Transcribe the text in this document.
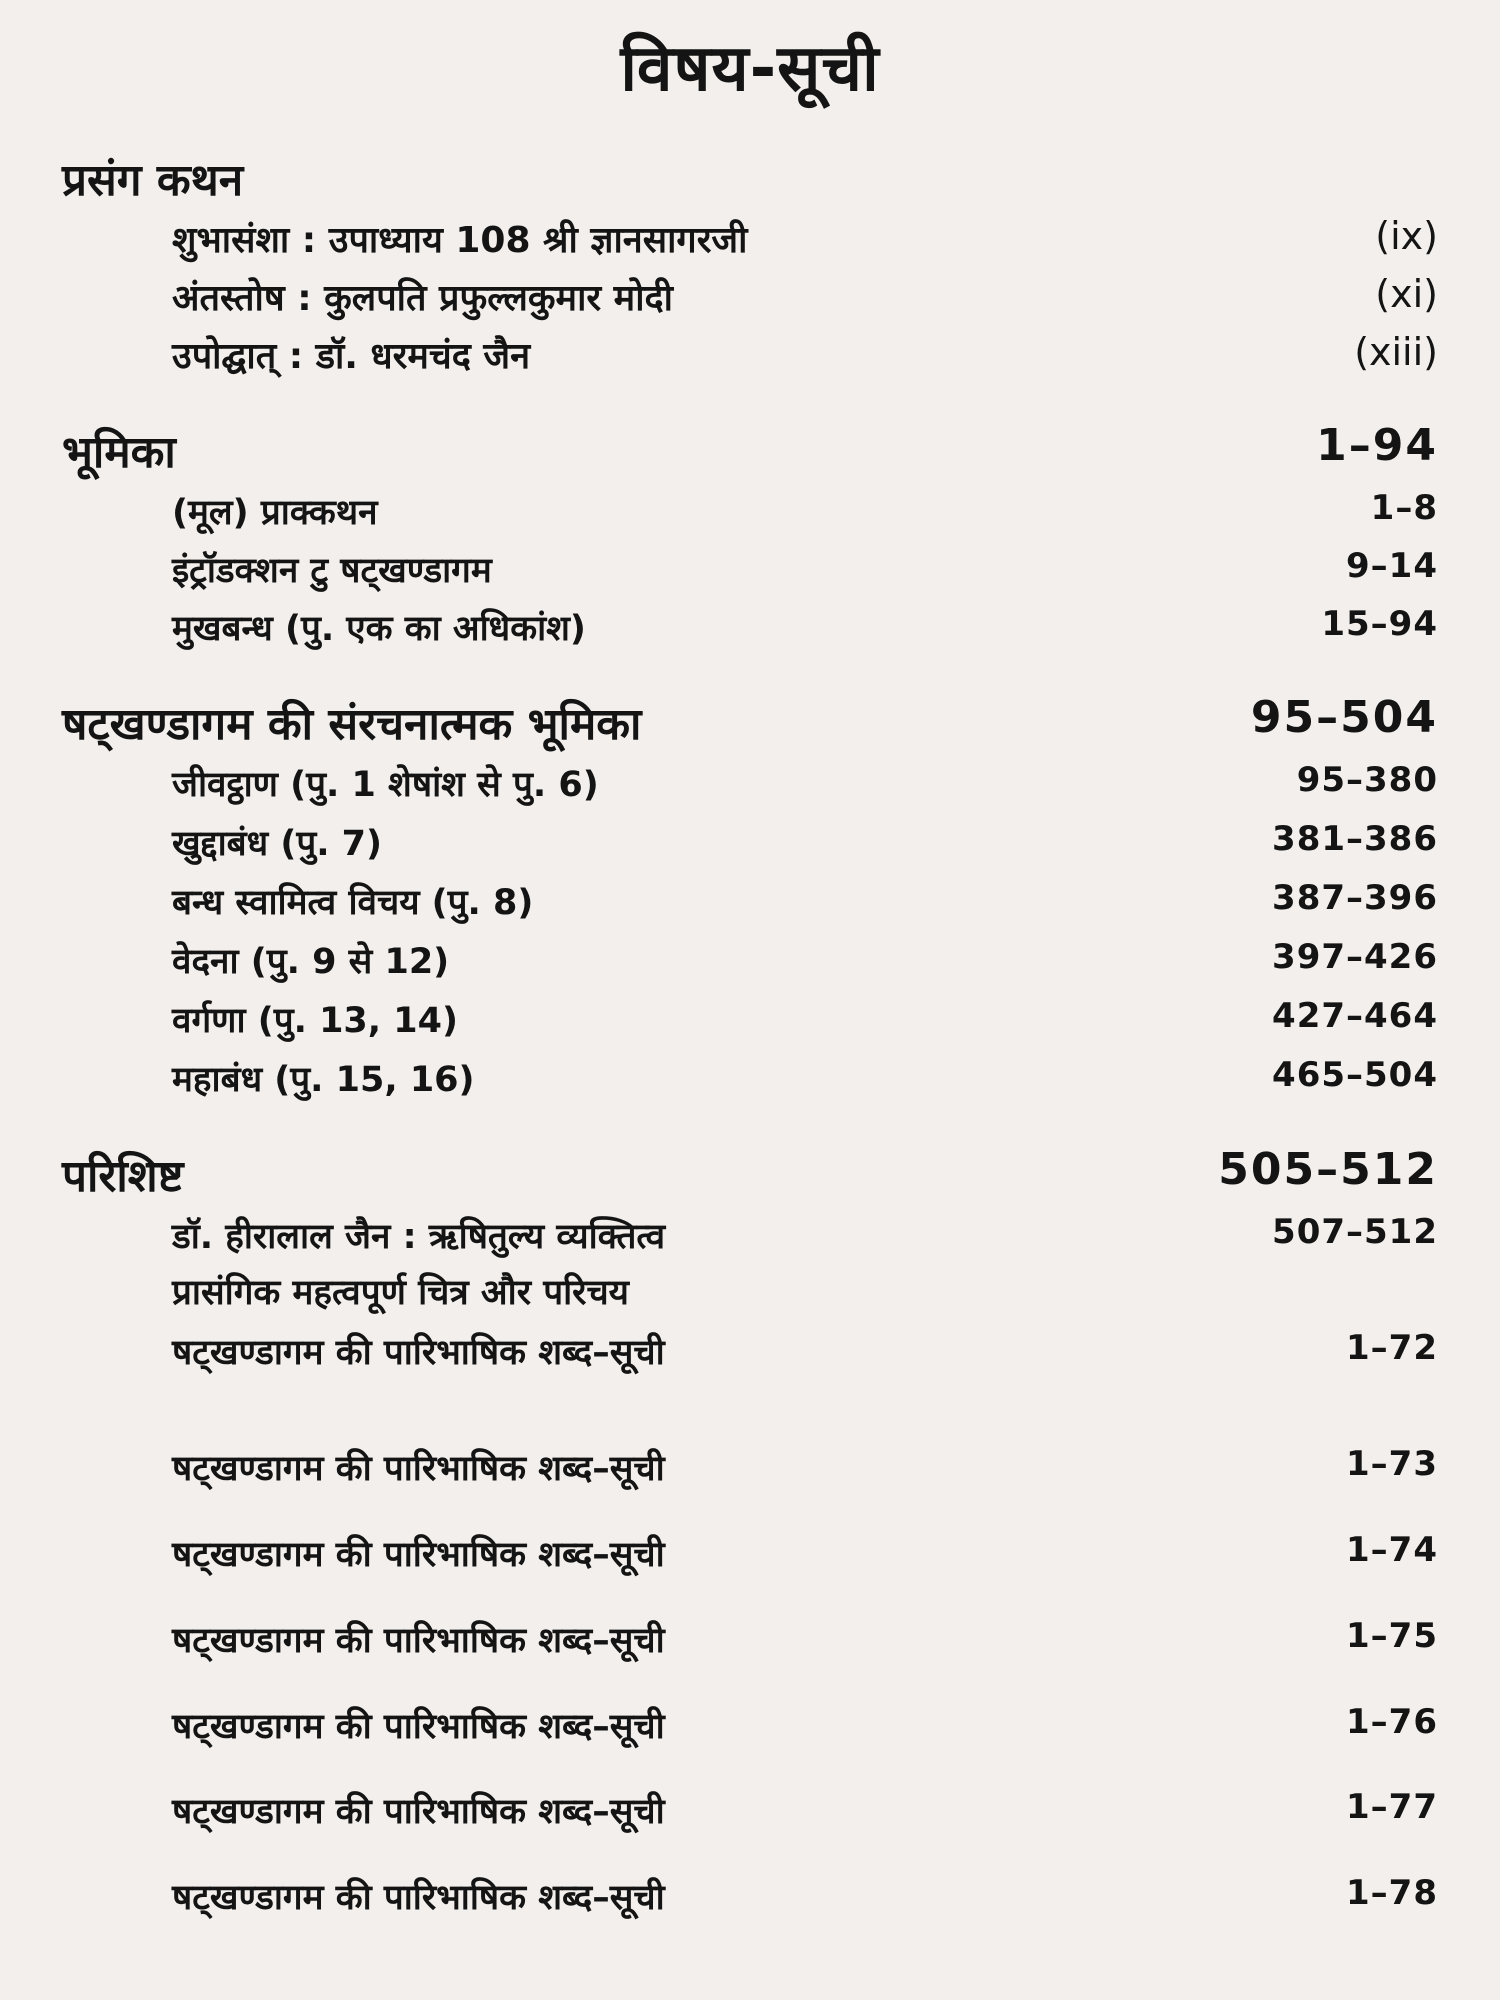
विषय-सूची
प्रसंग कथन
शुभासंशा : उपाध्याय 108 श्री ज्ञानसागरजी	(ix)
अंतस्तोष : कुलपति प्रफुल्लकुमार मोदी	(xi)
उपोद्घात् : डॉ. धरमचंद जैन	(xiii)
भूमिका	1–94
(मूल) प्राक्कथन	1–8
इंट्रॉडक्शन टु षट्खण्डागम	9–14
मुखबन्ध (पु. एक का अधिकांश)	15–94
षट्खण्डागम की संरचनात्मक भूमिका	95–504
जीवट्ठाण (पु. 1 शेषांश से पु. 6)	95–380
खुद्दाबंध (पु. 7)	381–386
बन्ध स्वामित्व विचय (पु. 8)	387–396
वेदना (पु. 9 से 12)	397–426
वर्गणा (पु. 13, 14)	427–464
महाबंध (पु. 15, 16)	465–504
परिशिष्ट	505–512
डॉ. हीरालाल जैन : ऋषितुल्य व्यक्तित्व	507–512
प्रासंगिक महत्वपूर्ण चित्र और परिचय
षट्खण्डागम की पारिभाषिक शब्द–सूची	1–72
षट्खण्डागम की पारिभाषिक शब्द–सूची	1–73
षट्खण्डागम की पारिभाषिक शब्द–सूची	1–74
षट्खण्डागम की पारिभाषिक शब्द–सूची	1–75
षट्खण्डागम की पारिभाषिक शब्द–सूची	1–76
षट्खण्डागम की पारिभाषिक शब्द–सूची	1–77
षट्खण्डागम की पारिभाषिक शब्द–सूची	1–78
